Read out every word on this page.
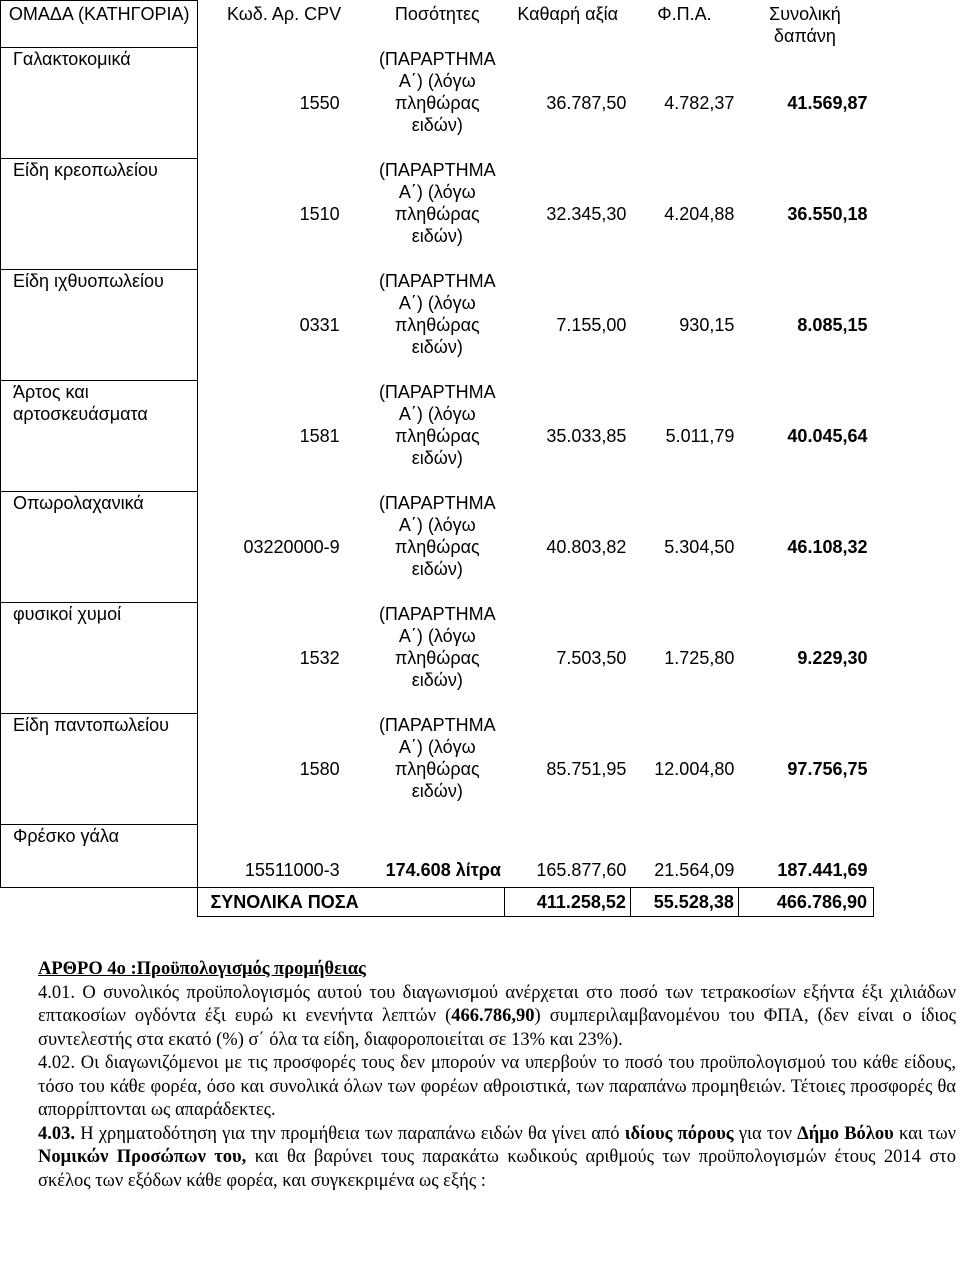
ΟΜΑΔΑ (ΚΑΤΗΓΟΡΙΑ)	Κωδ. Αρ. CPV	Ποσότητες	Καθαρή αξία	Φ.Π.Α.	Συνολική δαπάνη
Γαλακτοκομικά	1550	(ΠΑΡΑΡΤΗΜΑ Α΄) (λόγω πληθώρας ειδών)	36.787,50	4.782,37	41.569,87
Είδη κρεοπωλείου	1510	(ΠΑΡΑΡΤΗΜΑ Α΄) (λόγω πληθώρας ειδών)	32.345,30	4.204,88	36.550,18
Είδη ιχθυοπωλείου	0331	(ΠΑΡΑΡΤΗΜΑ Α΄) (λόγω πληθώρας ειδών)	7.155,00	930,15	8.085,15
Άρτος και αρτοσκευάσματα	1581	(ΠΑΡΑΡΤΗΜΑ Α΄) (λόγω πληθώρας ειδών)	35.033,85	5.011,79	40.045,64
Οπωρολαχανικά	03220000-9	(ΠΑΡΑΡΤΗΜΑ Α΄) (λόγω πληθώρας ειδών)	40.803,82	5.304,50	46.108,32
φυσικοί χυμοί	1532	(ΠΑΡΑΡΤΗΜΑ Α΄) (λόγω πληθώρας ειδών)	7.503,50	1.725,80	9.229,30
Είδη παντοπωλείου	1580	(ΠΑΡΑΡΤΗΜΑ Α΄) (λόγω πληθώρας ειδών)	85.751,95	12.004,80	97.756,75
Φρέσκο γάλα	15511000-3	174.608 λίτρα	165.877,60	21.564,09	187.441,69
	ΣΥΝΟΛΙΚΑ ΠΟΣΑ		411.258,52	55.528,38	466.786,90
ΑΡΘΡΟ 4ο :Προϋπολογισμός προμήθειας

4.01. Ο συνολικός προϋπολογισμός αυτού του διαγωνισμού ανέρχεται στο ποσό των τετρακοσίων εξήντα έξι χιλιάδων επτακοσίων ογδόντα έξι ευρώ κι ενενήντα λεπτών (466.786,90) συμπεριλαμβανομένου του ΦΠΑ, (δεν είναι ο ίδιος συντελεστής στα εκατό (%) σ΄ όλα τα είδη, διαφοροποιείται σε 13% και 23%).

4.02. Οι διαγωνιζόμενοι με τις προσφορές τους δεν μπορούν να υπερβούν το ποσό του προϋπολογισμού του κάθε είδους, τόσο του κάθε φορέα, όσο και συνολικά όλων των φορέων αθροιστικά, των παραπάνω προμηθειών. Τέτοιες προσφορές θα απορρίπτονται ως απαράδεκτες.

4.03. Η χρηματοδότηση για την προμήθεια των παραπάνω ειδών θα γίνει από ιδίους πόρους για τον Δήμο Βόλου και των Νομικών Προσώπων του, και θα βαρύνει τους παρακάτω κωδικούς αριθμούς των προϋπολογισμών έτους 2014 στο σκέλος των εξόδων κάθε φορέα, και συγκεκριμένα ως εξής :
